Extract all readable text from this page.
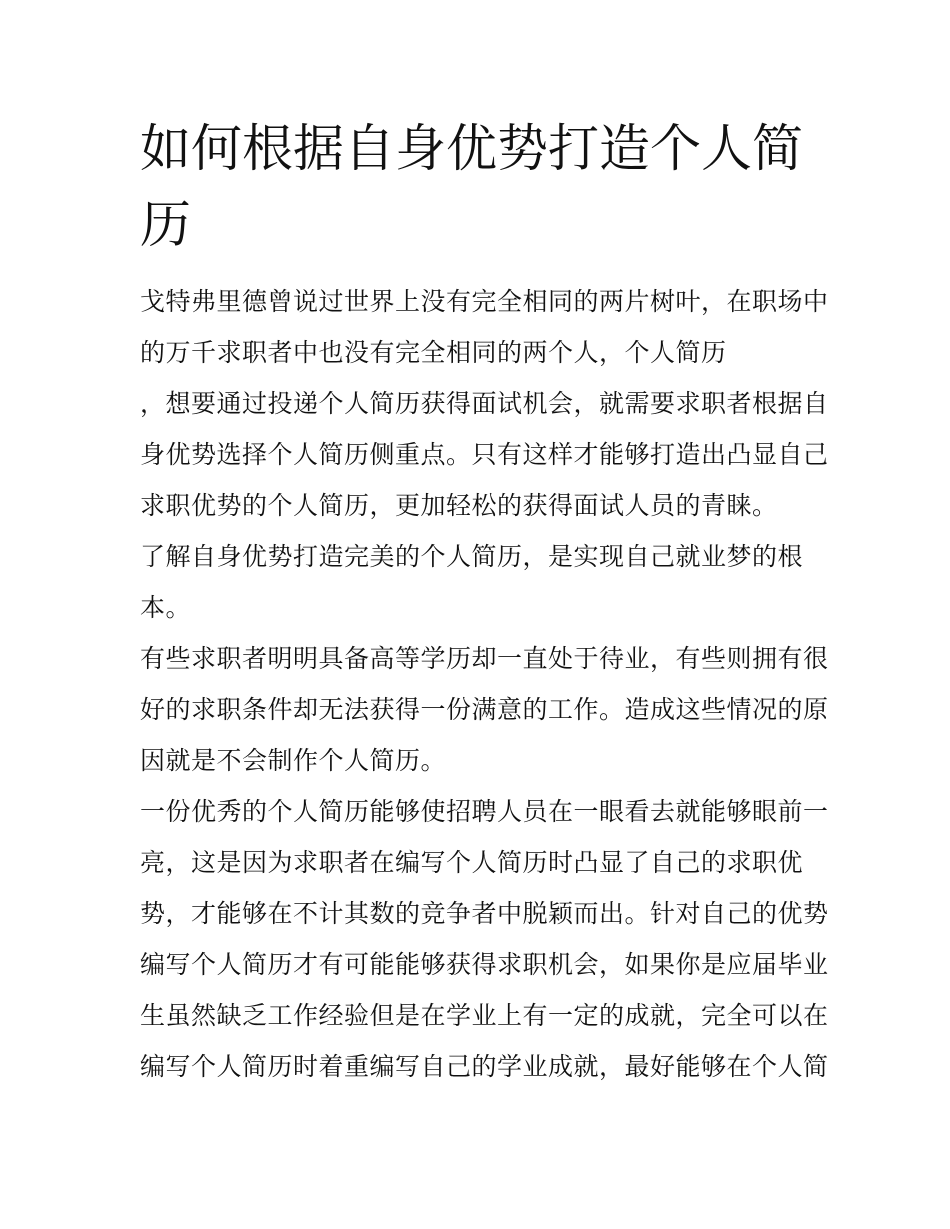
如何根据自身优势打造个人简
历
戈特弗里德曾说过世界上没有完全相同的两片树叶，在职场中
的万千求职者中也没有完全相同的两个人，个人简历
，想要通过投递个人简历获得面试机会，就需要求职者根据自
身优势选择个人简历侧重点。只有这样才能够打造出凸显自己
求职优势的个人简历，更加轻松的获得面试人员的青睐。
了解自身优势打造完美的个人简历，是实现自己就业梦的根
本。
有些求职者明明具备高等学历却一直处于待业，有些则拥有很
好的求职条件却无法获得一份满意的工作。造成这些情况的原
因就是不会制作个人简历。
一份优秀的个人简历能够使招聘人员在一眼看去就能够眼前一
亮，这是因为求职者在编写个人简历时凸显了自己的求职优
势，才能够在不计其数的竞争者中脱颖而出。针对自己的优势
编写个人简历才有可能能够获得求职机会，如果你是应届毕业
生虽然缺乏工作经验但是在学业上有一定的成就，完全可以在
编写个人简历时着重编写自己的学业成就，最好能够在个人简
